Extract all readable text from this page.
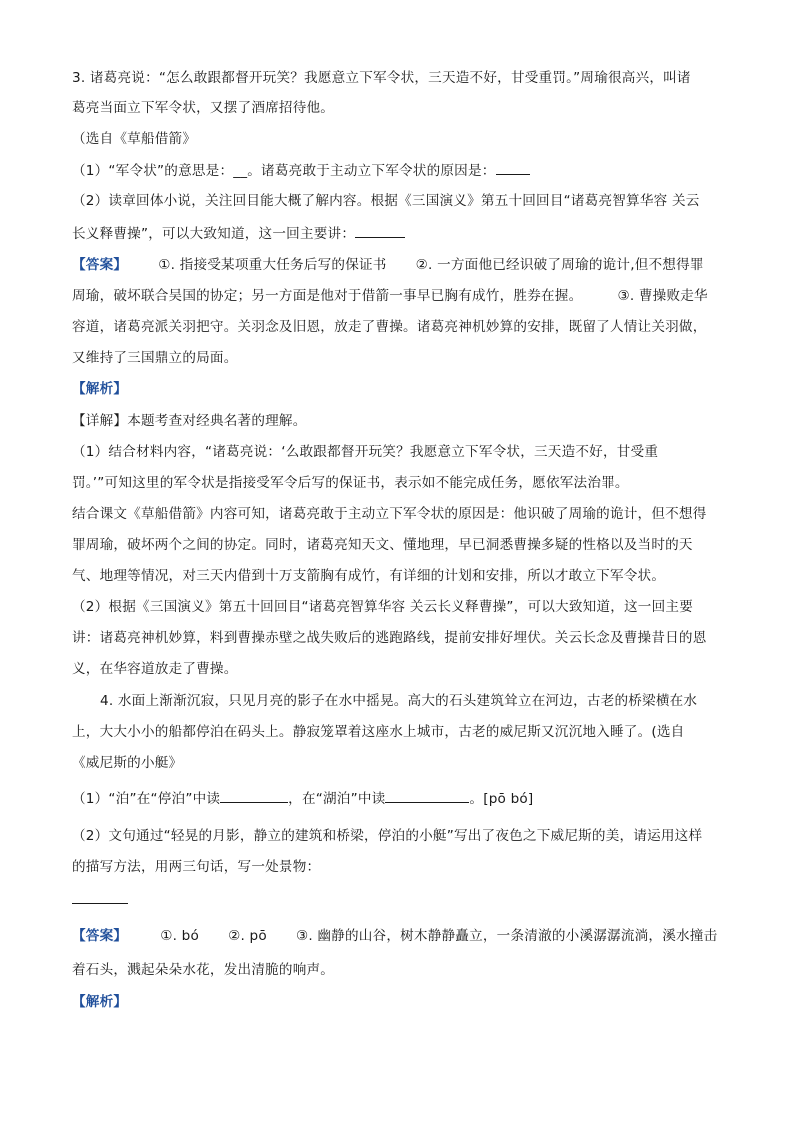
3. 诸葛亮说：“怎么敢跟都督开玩笑？我愿意立下军令状，三天造不好，甘受重罚。”周瑜很高兴，叫诸
葛亮当面立下军令状，又摆了酒席招待他。
（选自《草船借箭》
（1）“军令状”的意思是：__。诸葛亮敢于主动立下军令状的原因是：
（2）读章回体小说，关注回目能大概了解内容。根据《三国演义》第五十回回目“诸葛亮智算华容 关云
长义释曹操”，可以大致知道，这一回主要讲：
【答案】 ①. 指接受某项重大任务后写的保证书 ②. 一方面他已经识破了周瑜的诡计,但不想得罪
周瑜，破坏联合吴国的协定；另一方面是他对于借箭一事早已胸有成竹，胜券在握。	③. 曹操败走华
容道，诸葛亮派关羽把守。关羽念及旧恩，放走了曹操。诸葛亮神机妙算的安排，既留了人情让关羽做，
又维持了三国鼎立的局面。
【解析】
【详解】本题考查对经典名著的理解。
（1）结合材料内容，“诸葛亮说：‘么敢跟都督开玩笑？我愿意立下军令状，三天造不好，甘受重
罚。’”可知这里的军令状是指接受军令后写的保证书，表示如不能完成任务，愿依军法治罪。
结合课文《草船借箭》内容可知，诸葛亮敢于主动立下军令状的原因是：他识破了周瑜的诡计，但不想得
罪周瑜，破坏两个之间的协定。同时，诸葛亮知天文、懂地理，早已洞悉曹操多疑的性格以及当时的天
气、地理等情况，对三天内借到十万支箭胸有成竹，有详细的计划和安排，所以才敢立下军令状。
（2）根据《三国演义》第五十回回目“诸葛亮智算华容 关云长义释曹操”，可以大致知道，这一回主要
讲：诸葛亮神机妙算，料到曹操赤壁之战失败后的逃跑路线，提前安排好埋伏。关云长念及曹操昔日的恩
义，在华容道放走了曹操。
4. 水面上渐渐沉寂，只见月亮的影子在水中摇晃。高大的石头建筑耸立在河边，古老的桥梁横在水
上，大大小小的船都停泊在码头上。静寂笼罩着这座水上城市，古老的威尼斯又沉沉地入睡了。(选自
《威尼斯的小艇》
（1）“泊”在“停泊”中读	，在“湖泊”中读	。[pō bó]
（2）文句通过“轻晃的月影，静立的建筑和桥梁，停泊的小艇”写出了夜色之下威尼斯的美，请运用这样
的描写方法，用两三句话，写一处景物：
【答案】 ①. bó ②. pō ③. 幽静的山谷，树木静静矗立，一条清澈的小溪潺潺流淌，溪水撞击
着石头，溅起朵朵水花，发出清脆的响声。
【解析】
